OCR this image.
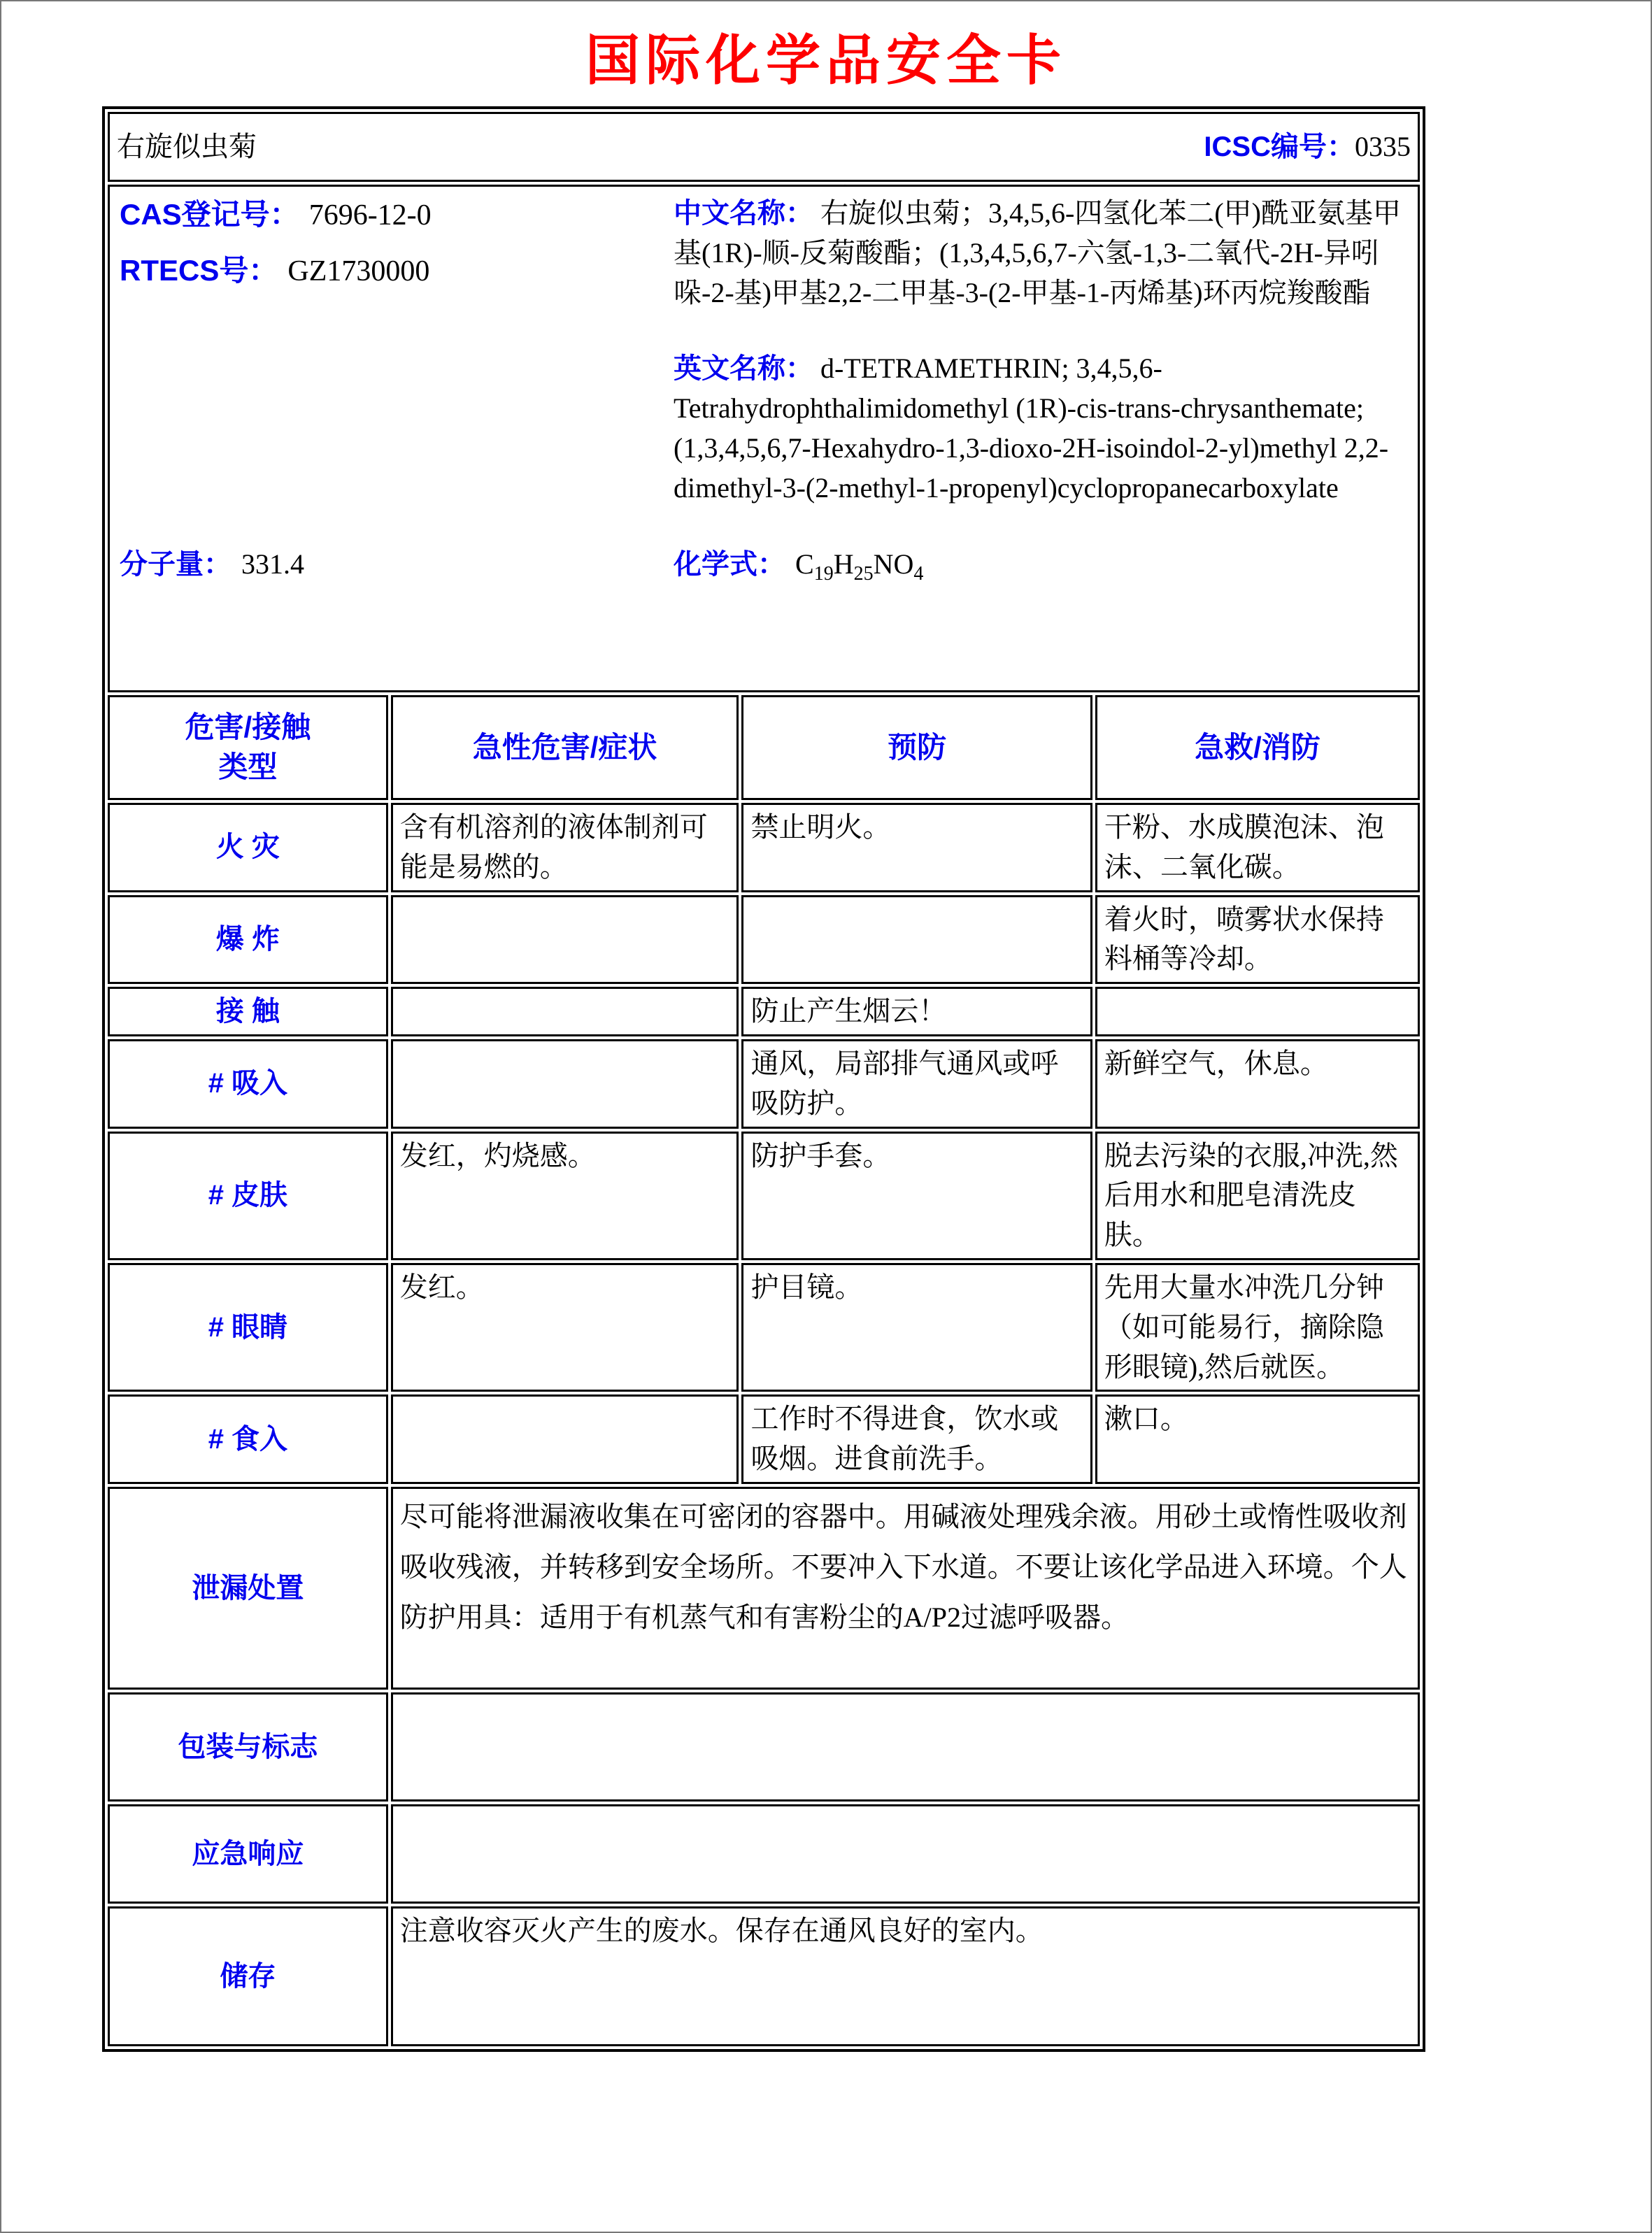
国际化学品安全卡
右旋似虫菊 ICSC编号：0335			

CAS登记号： 7696-12-0

RTECS号： GZ1730000

中文名称： 右旋似虫菊；3,4,5,6-四氢化苯二(甲)酰亚氨基甲基(1R)-顺-反菊酸酯；(1,3,4,5,6,7-六氢-1,3-二氧代-2H-异吲哚-2-基)甲基2,2-二甲基-3-(2-甲基-1-丙烯基)环丙烷羧酸酯

英文名称： d-TETRAMETHRIN; 3,4,5,6-Tetrahydrophthalimidomethyl (1R)-cis-trans-chrysanthemate; (1,3,4,5,6,7-Hexahydro-1,3-dioxo-2H-isoindol-2-yl)methyl 2,2-dimethyl-3-(2-methyl-1-propenyl)cyclopropanecarboxylate

分子量： 331.4	化学式： $C_{19}H_{25}NO_4$

危害/接触
类型	急性危害/症状	预防	急救/消防
火 灾	含有机溶剂的液体制剂可能是易燃的。	禁止明火。	干粉、水成膜泡沫、泡沫、二氧化碳。
爆 炸			着火时，喷雾状水保持料桶等冷却。
接 触		防止产生烟云！	
# 吸入		通风，局部排气通风或呼吸防护。	新鲜空气，休息。
# 皮肤	发红，灼烧感。	防护手套。	脱去污染的衣服,冲洗,然后用水和肥皂清洗皮肤。
# 眼睛	发红。	护目镜。	先用大量水冲洗几分钟（如可能易行，摘除隐形眼镜),然后就医。
# 食入		工作时不得进食，饮水或吸烟。进食前洗手。	漱口。
泄漏处置	尽可能将泄漏液收集在可密闭的容器中。用碱液处理残余液。用砂土或惰性吸收剂吸收残液，并转移到安全场所。不要冲入下水道。不要让该化学品进入环境。个人防护用具：适用于有机蒸气和有害粉尘的A/P2过滤呼吸器。		
包装与标志			
应急响应			
储存	注意收容灭火产生的废水。保存在通风良好的室内。		
